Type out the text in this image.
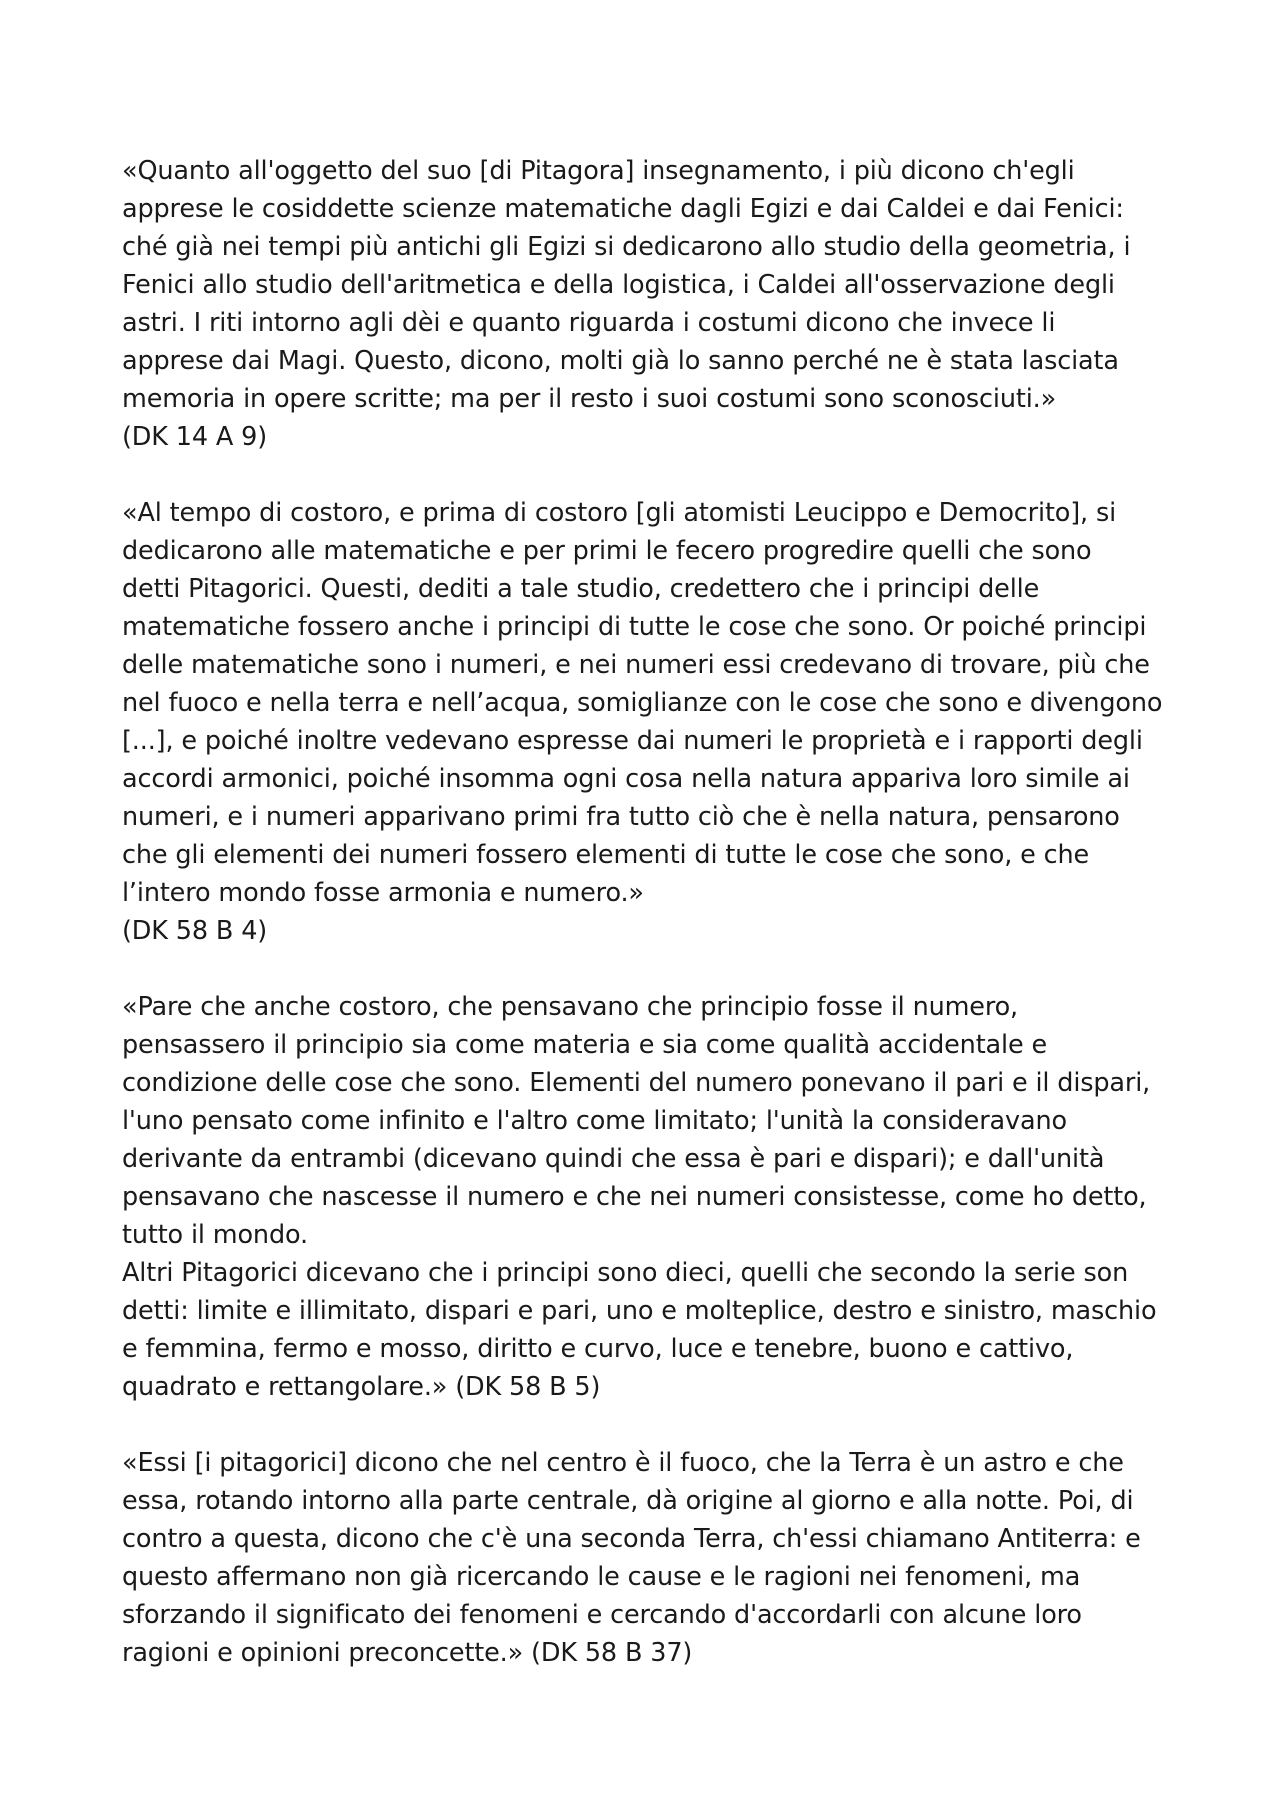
«Quanto all'oggetto del suo [di Pitagora] insegnamento, i più dicono ch'egli
apprese le cosiddette scienze matematiche dagli Egizi e dai Caldei e dai Fenici:
ché già nei tempi più antichi gli Egizi si dedicarono allo studio della geometria, i
Fenici allo studio dell'aritmetica e della logistica, i Caldei all'osservazione degli
astri. I riti intorno agli dèi e quanto riguarda i costumi dicono che invece li
apprese dai Magi. Questo, dicono, molti già lo sanno perché ne è stata lasciata
memoria in opere scritte; ma per il resto i suoi costumi sono sconosciuti.»
(DK 14 A 9)
«Al tempo di costoro, e prima di costoro [gli atomisti Leucippo e Democrito], si
dedicarono alle matematiche e per primi le fecero progredire quelli che sono
detti Pitagorici. Questi, dediti a tale studio, credettero che i principi delle
matematiche fossero anche i principi di tutte le cose che sono. Or poiché principi
delle matematiche sono i numeri, e nei numeri essi credevano di trovare, più che
nel fuoco e nella terra e nell’acqua, somiglianze con le cose che sono e divengono
[...], e poiché inoltre vedevano espresse dai numeri le proprietà e i rapporti degli
accordi armonici, poiché insomma ogni cosa nella natura appariva loro simile ai
numeri, e i numeri apparivano primi fra tutto ciò che è nella natura, pensarono
che gli elementi dei numeri fossero elementi di tutte le cose che sono, e che
l’intero mondo fosse armonia e numero.»
(DK 58 B 4)
«Pare che anche costoro, che pensavano che principio fosse il numero,
pensassero il principio sia come materia e sia come qualità accidentale e
condizione delle cose che sono. Elementi del numero ponevano il pari e il dispari,
l'uno pensato come infinito e l'altro come limitato; l'unità la consideravano
derivante da entrambi (dicevano quindi che essa è pari e dispari); e dall'unità
pensavano che nascesse il numero e che nei numeri consistesse, come ho detto,
tutto il mondo.
Altri Pitagorici dicevano che i principi sono dieci, quelli che secondo la serie son
detti: limite e illimitato, dispari e pari, uno e molteplice, destro e sinistro, maschio
e femmina, fermo e mosso, diritto e curvo, luce e tenebre, buono e cattivo,
quadrato e rettangolare.» (DK 58 B 5)
«Essi [i pitagorici] dicono che nel centro è il fuoco, che la Terra è un astro e che
essa, rotando intorno alla parte centrale, dà origine al giorno e alla notte. Poi, di
contro a questa, dicono che c'è una seconda Terra, ch'essi chiamano Antiterra: e
questo affermano non già ricercando le cause e le ragioni nei fenomeni, ma
sforzando il significato dei fenomeni e cercando d'accordarli con alcune loro
ragioni e opinioni preconcette.» (DK 58 B 37)
